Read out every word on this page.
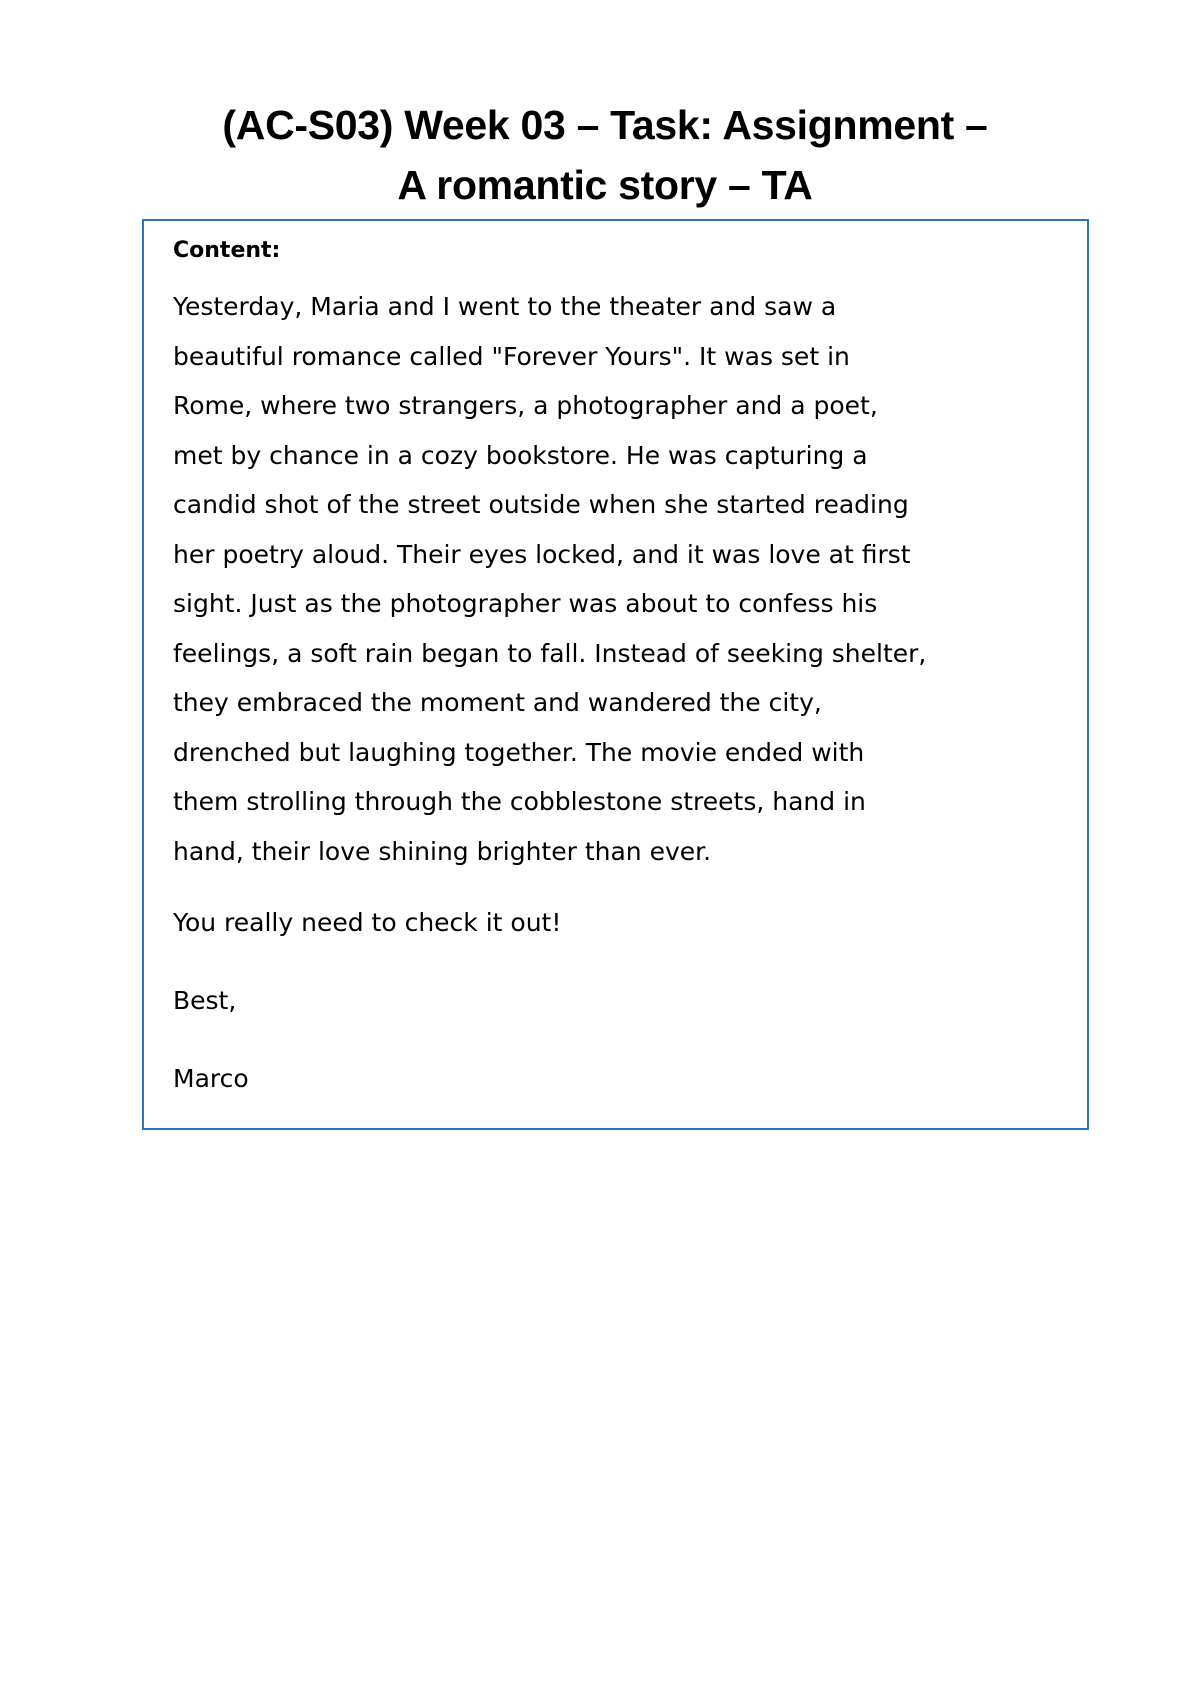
(AC-S03) Week 03 – Task: Assignment –
A romantic story – TA

Content:

Yesterday, Maria and I went to the theater and saw a
beautiful romance called "Forever Yours". It was set in
Rome, where two strangers, a photographer and a poet,
met by chance in a cozy bookstore. He was capturing a
candid shot of the street outside when she started reading
her poetry aloud. Their eyes locked, and it was love at first
sight. Just as the photographer was about to confess his
feelings, a soft rain began to fall. Instead of seeking shelter,
they embraced the moment and wandered the city,
drenched but laughing together. The movie ended with
them strolling through the cobblestone streets, hand in
hand, their love shining brighter than ever.

You really need to check it out!

Best,

Marco
